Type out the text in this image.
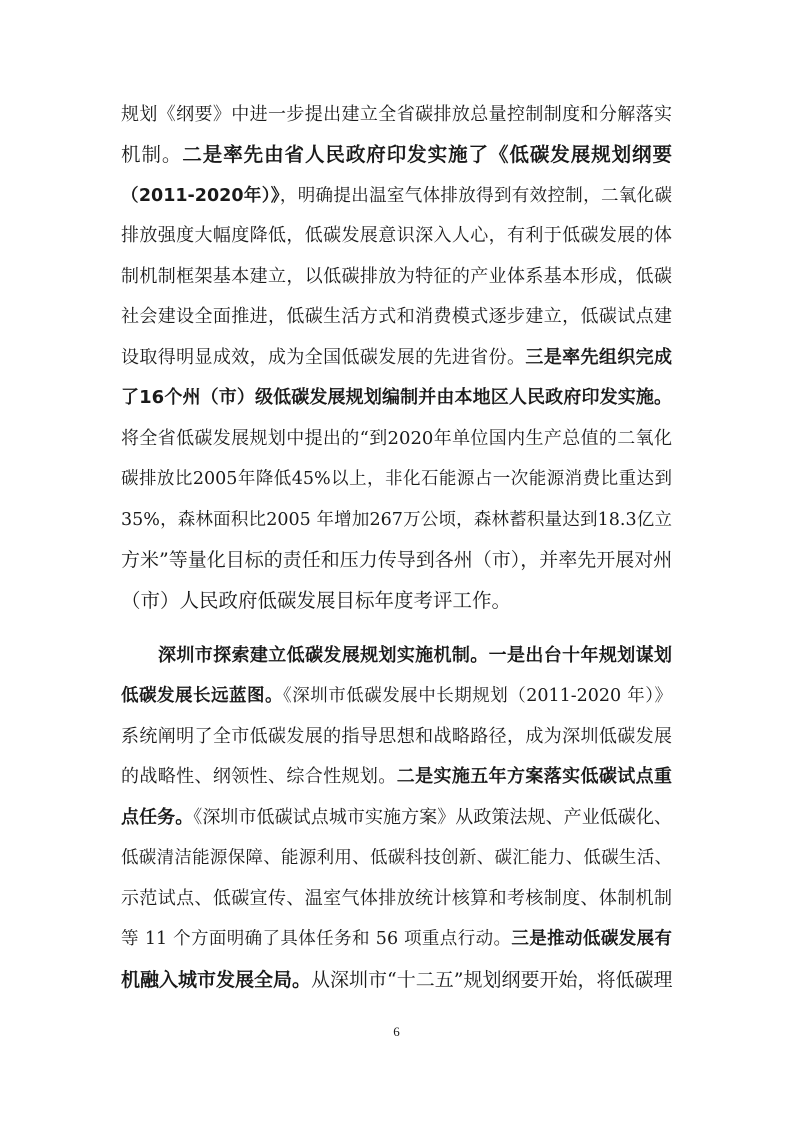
规划《纲要》中进一步提出建立全省碳排放总量控制制度和分解落实
机制。二是率先由省人民政府印发实施了《低碳发展规划纲要
（2011-2020年）》，明确提出温室气体排放得到有效控制，二氧化碳
排放强度大幅度降低，低碳发展意识深入人心，有利于低碳发展的体
制机制框架基本建立，以低碳排放为特征的产业体系基本形成，低碳
社会建设全面推进，低碳生活方式和消费模式逐步建立，低碳试点建
设取得明显成效，成为全国低碳发展的先进省份。三是率先组织完成
了16个州（市）级低碳发展规划编制并由本地区人民政府印发实施。
将全省低碳发展规划中提出的“到2020年单位国内生产总值的二氧化
碳排放比2005年降低45%以上，非化石能源占一次能源消费比重达到
35%，森林面积比2005 年增加267万公顷，森林蓄积量达到18.3亿立
方米”等量化目标的责任和压力传导到各州（市），并率先开展对州
（市）人民政府低碳发展目标年度考评工作。
深圳市探索建立低碳发展规划实施机制。一是出台十年规划谋划
低碳发展长远蓝图。《深圳市低碳发展中长期规划（2011-2020 年）》
系统阐明了全市低碳发展的指导思想和战略路径，成为深圳低碳发展
的战略性、纲领性、综合性规划。二是实施五年方案落实低碳试点重
点任务。《深圳市低碳试点城市实施方案》从政策法规、产业低碳化、
低碳清洁能源保障、能源利用、低碳科技创新、碳汇能力、低碳生活、
示范试点、低碳宣传、温室气体排放统计核算和考核制度、体制机制
等 11 个方面明确了具体任务和 56 项重点行动。三是推动低碳发展有
机融入城市发展全局。从深圳市“十二五”规划纲要开始，将低碳理
6
